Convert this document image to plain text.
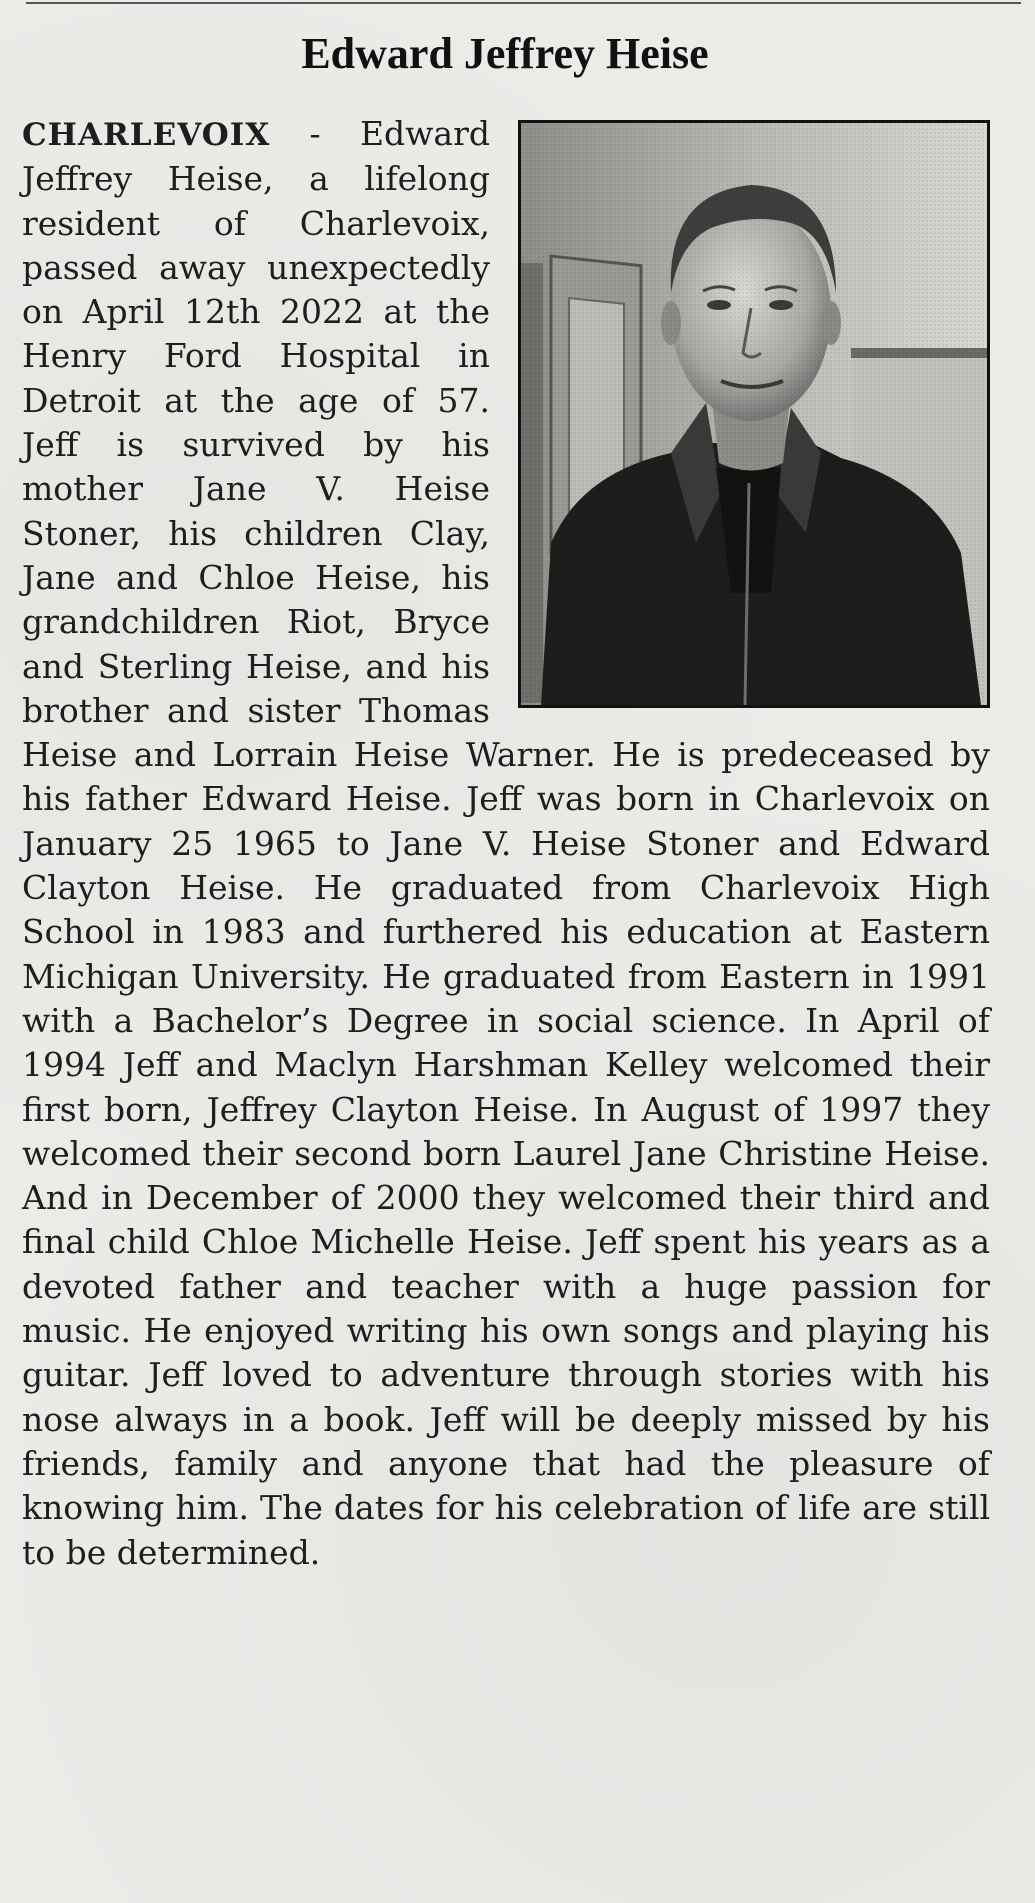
Edward Jeffrey Heise
CHARLEVOIX - Edward Jeffrey Heise, a lifelong resident of Charlevoix, passed away unexpectedly on April 12th 2022 at the Henry Ford Hospital in Detroit at the age of 57. Jeff is survived by his mother Jane V. Heise Stoner, his children Clay, Jane and Chloe Heise, his grandchildren Riot, Bryce and Sterling Heise, and his brother and sister Thomas Heise and Lorrain Heise Warner. He is predeceased by his father Edward Heise. Jeff was born in Charlevoix on January 25 1965 to Jane V. Heise Stoner and Edward Clayton Heise. He graduated from Charlevoix High School in 1983 and furthered his education at Eastern Michigan University. He graduated from Eastern in 1991 with a Bachelor’s Degree in social science. In April of 1994 Jeff and Maclyn Harshman Kelley welcomed their first born, Jeffrey Clayton Heise. In August of 1997 they welcomed their second born Laurel Jane Christine Heise. And in December of 2000 they welcomed their third and final child Chloe Michelle Heise. Jeff spent his years as a devoted father and teacher with a huge passion for music. He enjoyed writing his own songs and playing his guitar. Jeff loved to adventure through stories with his nose always in a book. Jeff will be deeply missed by his friends, family and anyone that had the pleasure of knowing him. The dates for his celebration of life are still to be determined.
